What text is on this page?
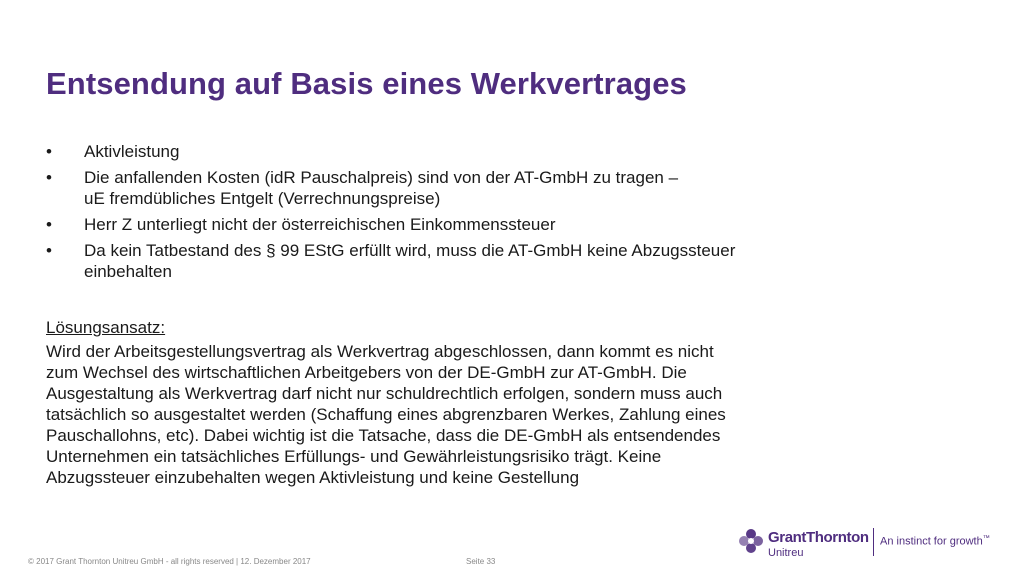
Entsendung auf Basis eines Werkvertrages
• Aktivleistung
• Die anfallenden Kosten (idR Pauschalpreis) sind von der AT-GmbH zu tragen –
uE fremdübliches Entgelt (Verrechnungspreise)
• Herr Z unterliegt nicht der österreichischen Einkommenssteuer
• Da kein Tatbestand des § 99 EStG erfüllt wird, muss die AT-GmbH keine Abzugssteuer
einbehalten
Lösungsansatz:
Wird der Arbeitsgestellungsvertrag als Werkvertrag abgeschlossen, dann kommt es nicht
zum Wechsel des wirtschaftlichen Arbeitgebers von der DE-GmbH zur AT-GmbH. Die
Ausgestaltung als Werkvertrag darf nicht nur schuldrechtlich erfolgen, sondern muss auch
tatsächlich so ausgestaltet werden (Schaffung eines abgrenzbaren Werkes, Zahlung eines
Pauschallohns, etc). Dabei wichtig ist die Tatsache, dass die DE-GmbH als entsendendes
Unternehmen ein tatsächliches Erfüllungs- und Gewährleistungsrisiko trägt. Keine
Abzugssteuer einzubehalten wegen Aktivleistung und keine Gestellung
© 2017 Grant Thornton Unitreu GmbH - all rights reserved | 12. Dezember 2017	Seite 33
GrantThornton
Unitreu
An instinct for growth™
